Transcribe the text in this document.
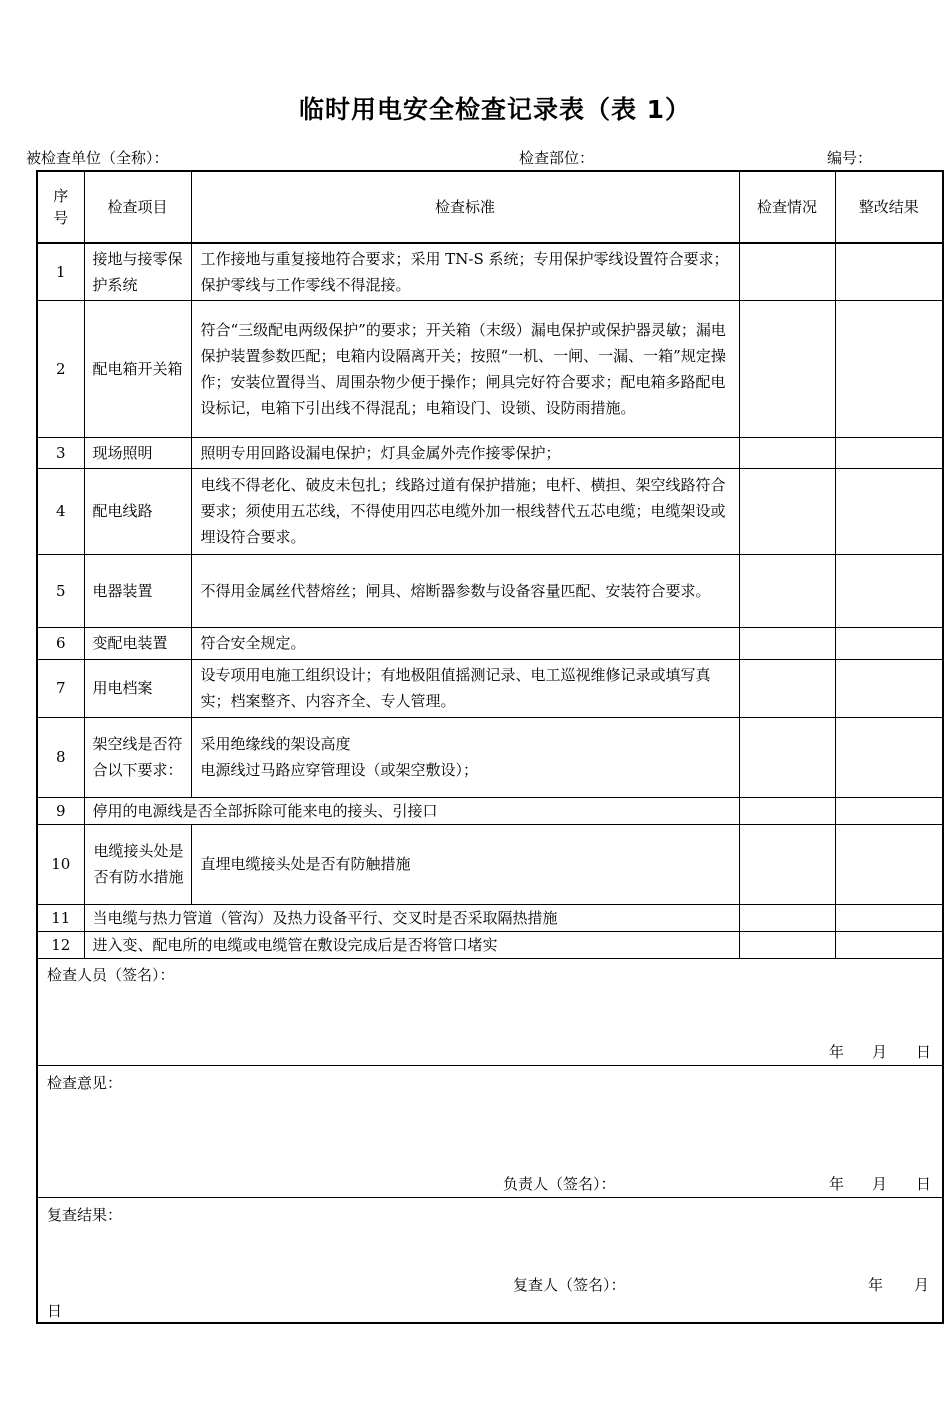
临时用电安全检查记录表（表 1）
被检查单位（全称）：	检查部位：	编号：
序号	检查项目	检查标准	检查情况	整改结果
1	接地与接零保护系统	工作接地与重复接地符合要求；采用 TN-S 系统；专用保护零线设置符合要求；保护零线与工作零线不得混接。		
2	配电箱开关箱	符合“三级配电两级保护”的要求；开关箱（末级）漏电保护或保护器灵敏；漏电保护装置参数匹配；电箱内设隔离开关；按照“一机、一闸、一漏、一箱”规定操作；安装位置得当、周围杂物少便于操作；闸具完好符合要求；配电箱多路配电设标记，电箱下引出线不得混乱；电箱设门、设锁、设防雨措施。		
3	现场照明	照明专用回路设漏电保护；灯具金属外壳作接零保护；		
4	配电线路	电线不得老化、破皮未包扎；线路过道有保护措施；电杆、横担、架空线路符合要求；须使用五芯线，不得使用四芯电缆外加一根线替代五芯电缆；电缆架设或埋设符合要求。		
5	电器装置	不得用金属丝代替熔丝；闸具、熔断器参数与设备容量匹配、安装符合要求。		
6	变配电装置	符合安全规定。		
7	用电档案	设专项用电施工组织设计；有地极阻值摇测记录、电工巡视维修记录或填写真实；档案整齐、内容齐全、专人管理。		
8	架空线是否符合以下要求：	采用绝缘线的架设高度
电源线过马路应穿管理设（或架空敷设）；		

9	停用的电源线是否全部拆除可能来电的接头、引接口			
10	电缆接头处是否有防水措施	直埋电缆接头处是否有防触措施		
11	当电缆与热力管道（管沟）及热力设备平行、交叉时是否采取隔热措施			
12	进入变、配电所的电缆或电缆管在敷设完成后是否将管口堵实			

检查人员（签名）：
年 月 日				

检查意见：
负责人（签名）： 年 月 日				

复查结果：
复查人（签名）： 年 月
日				
